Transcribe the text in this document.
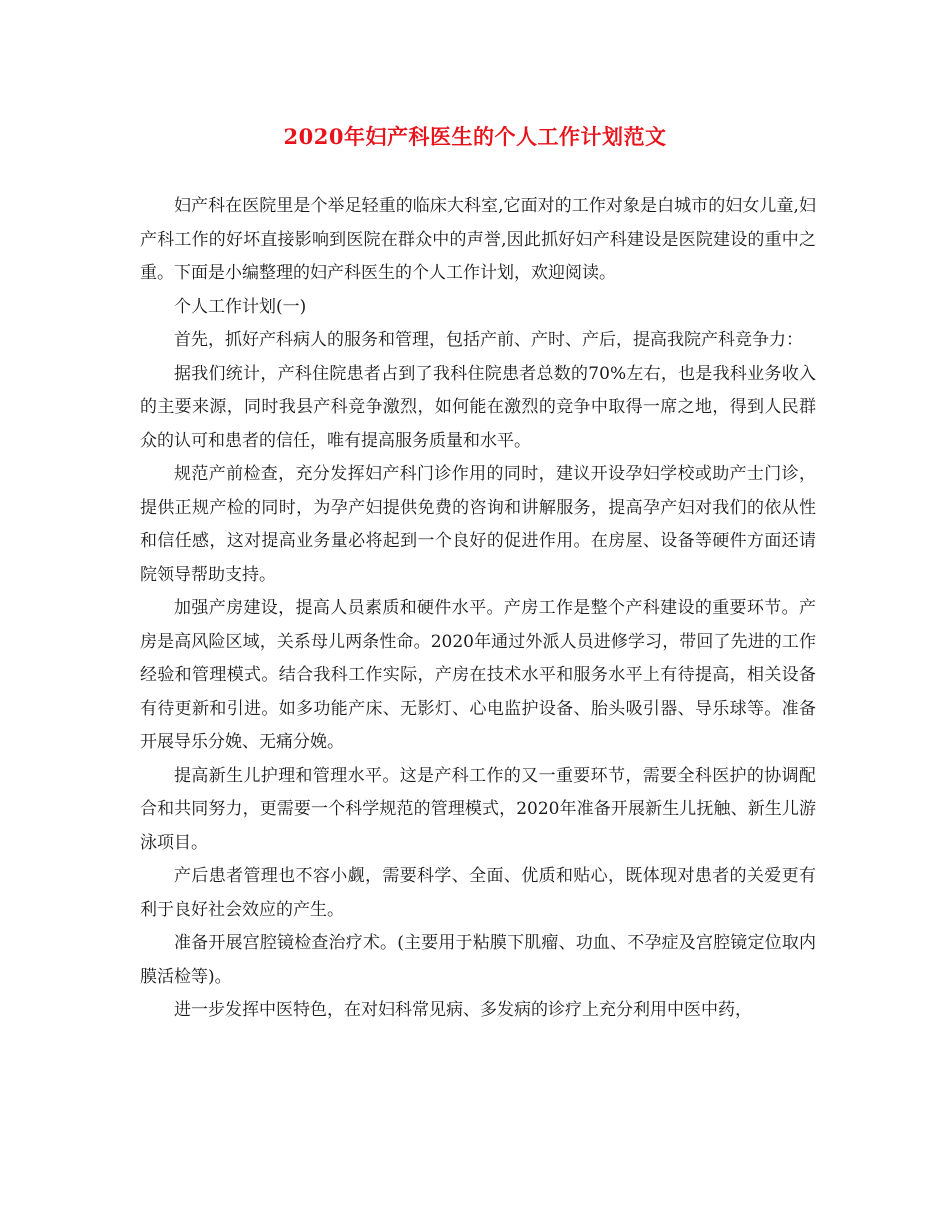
2020年妇产科医生的个人工作计划范文

妇产科在医院里是个举足轻重的临床大科室,它面对的工作对象是白城市的妇女儿童,妇产科工作的好坏直接影响到医院在群众中的声誉,因此抓好妇产科建设是医院建设的重中之重。下面是小编整理的妇产科医生的个人工作计划，欢迎阅读。

个人工作计划(一)

首先，抓好产科病人的服务和管理，包括产前、产时、产后，提高我院产科竞争力：

据我们统计，产科住院患者占到了我科住院患者总数的70%左右，也是我科业务收入的主要来源，同时我县产科竞争激烈，如何能在激烈的竞争中取得一席之地，得到人民群众的认可和患者的信任，唯有提高服务质量和水平。

规范产前检查，充分发挥妇产科门诊作用的同时，建议开设孕妇学校或助产士门诊，提供正规产检的同时，为孕产妇提供免费的咨询和讲解服务，提高孕产妇对我们的依从性和信任感，这对提高业务量必将起到一个良好的促进作用。在房屋、设备等硬件方面还请院领导帮助支持。

加强产房建设，提高人员素质和硬件水平。产房工作是整个产科建设的重要环节。产房是高风险区域，关系母儿两条性命。2020年通过外派人员进修学习，带回了先进的工作经验和管理模式。结合我科工作实际，产房在技术水平和服务水平上有待提高，相关设备有待更新和引进。如多功能产床、无影灯、心电监护设备、胎头吸引器、导乐球等。准备开展导乐分娩、无痛分娩。

提高新生儿护理和管理水平。这是产科工作的又一重要环节，需要全科医护的协调配合和共同努力，更需要一个科学规范的管理模式，2020年准备开展新生儿抚触、新生儿游泳项目。

产后患者管理也不容小觑，需要科学、全面、优质和贴心，既体现对患者的关爱更有利于良好社会效应的产生。

准备开展宫腔镜检查治疗术。(主要用于粘膜下肌瘤、功血、不孕症及宫腔镜定位取内膜活检等)。

进一步发挥中医特色，在对妇科常见病、多发病的诊疗上充分利用中医中药，
